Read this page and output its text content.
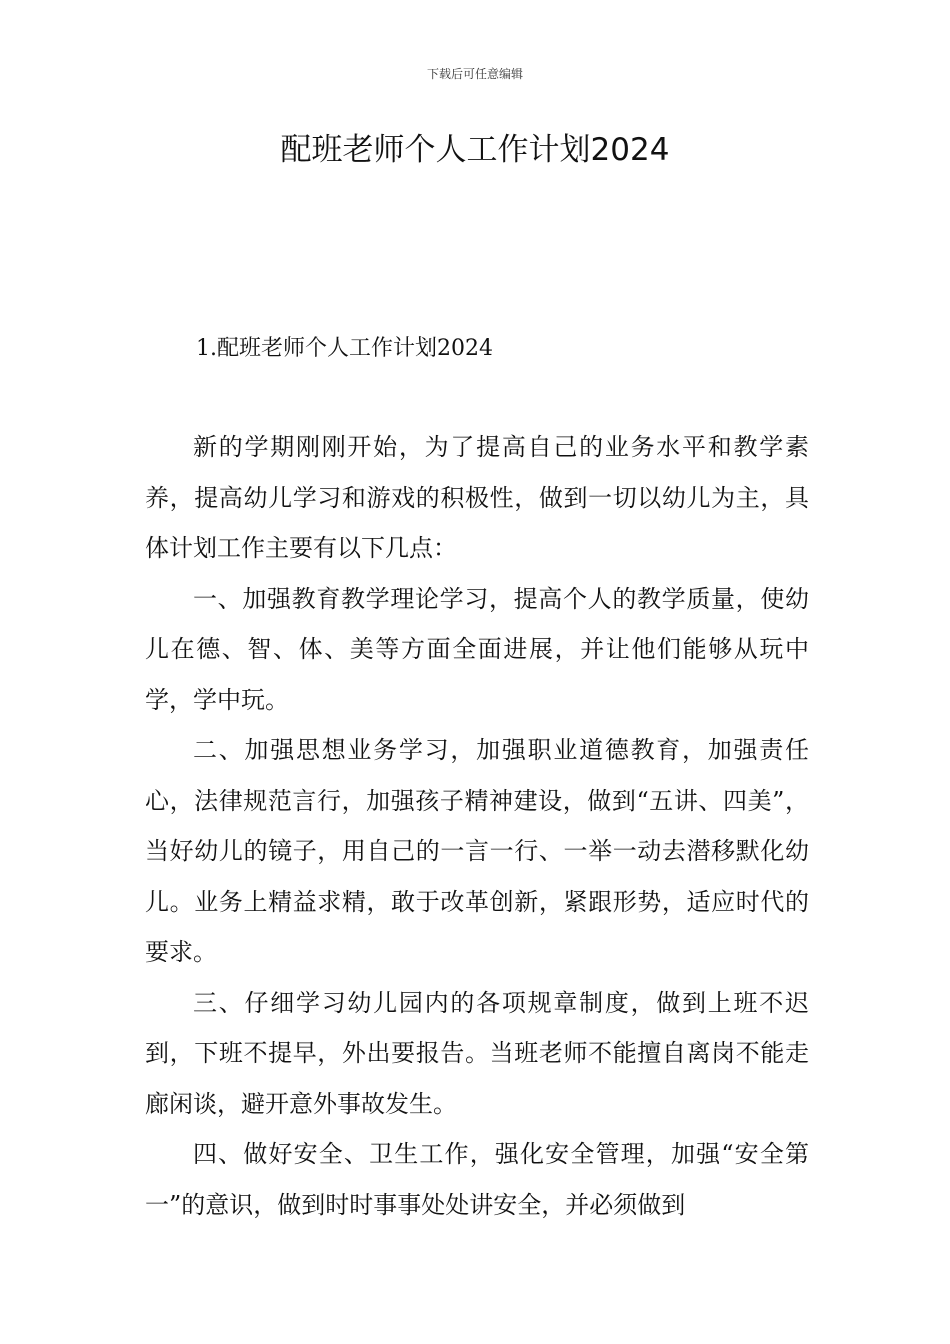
下载后可任意编辑
配班老师个人工作计划2024
1.配班老师个人工作计划2024

新的学期刚刚开始，为了提高自己的业务水平和教学素养，提高幼儿学习和游戏的积极性，做到一切以幼儿为主，具体计划工作主要有以下几点：

一、加强教育教学理论学习，提高个人的教学质量，使幼儿在德、智、体、美等方面全面进展，并让他们能够从玩中学，学中玩。

二、加强思想业务学习，加强职业道德教育，加强责任心，法律规范言行，加强孩子精神建设，做到“五讲、四美”，当好幼儿的镜子，用自己的一言一行、一举一动去潜移默化幼儿。业务上精益求精，敢于改革创新，紧跟形势，适应时代的要求。

三、仔细学习幼儿园内的各项规章制度，做到上班不迟到，下班不提早，外出要报告。当班老师不能擅自离岗不能走廊闲谈，避开意外事故发生。

四、做好安全、卫生工作，强化安全管理，加强“安全第一”的意识，做到时时事事处处讲安全，并必须做到
